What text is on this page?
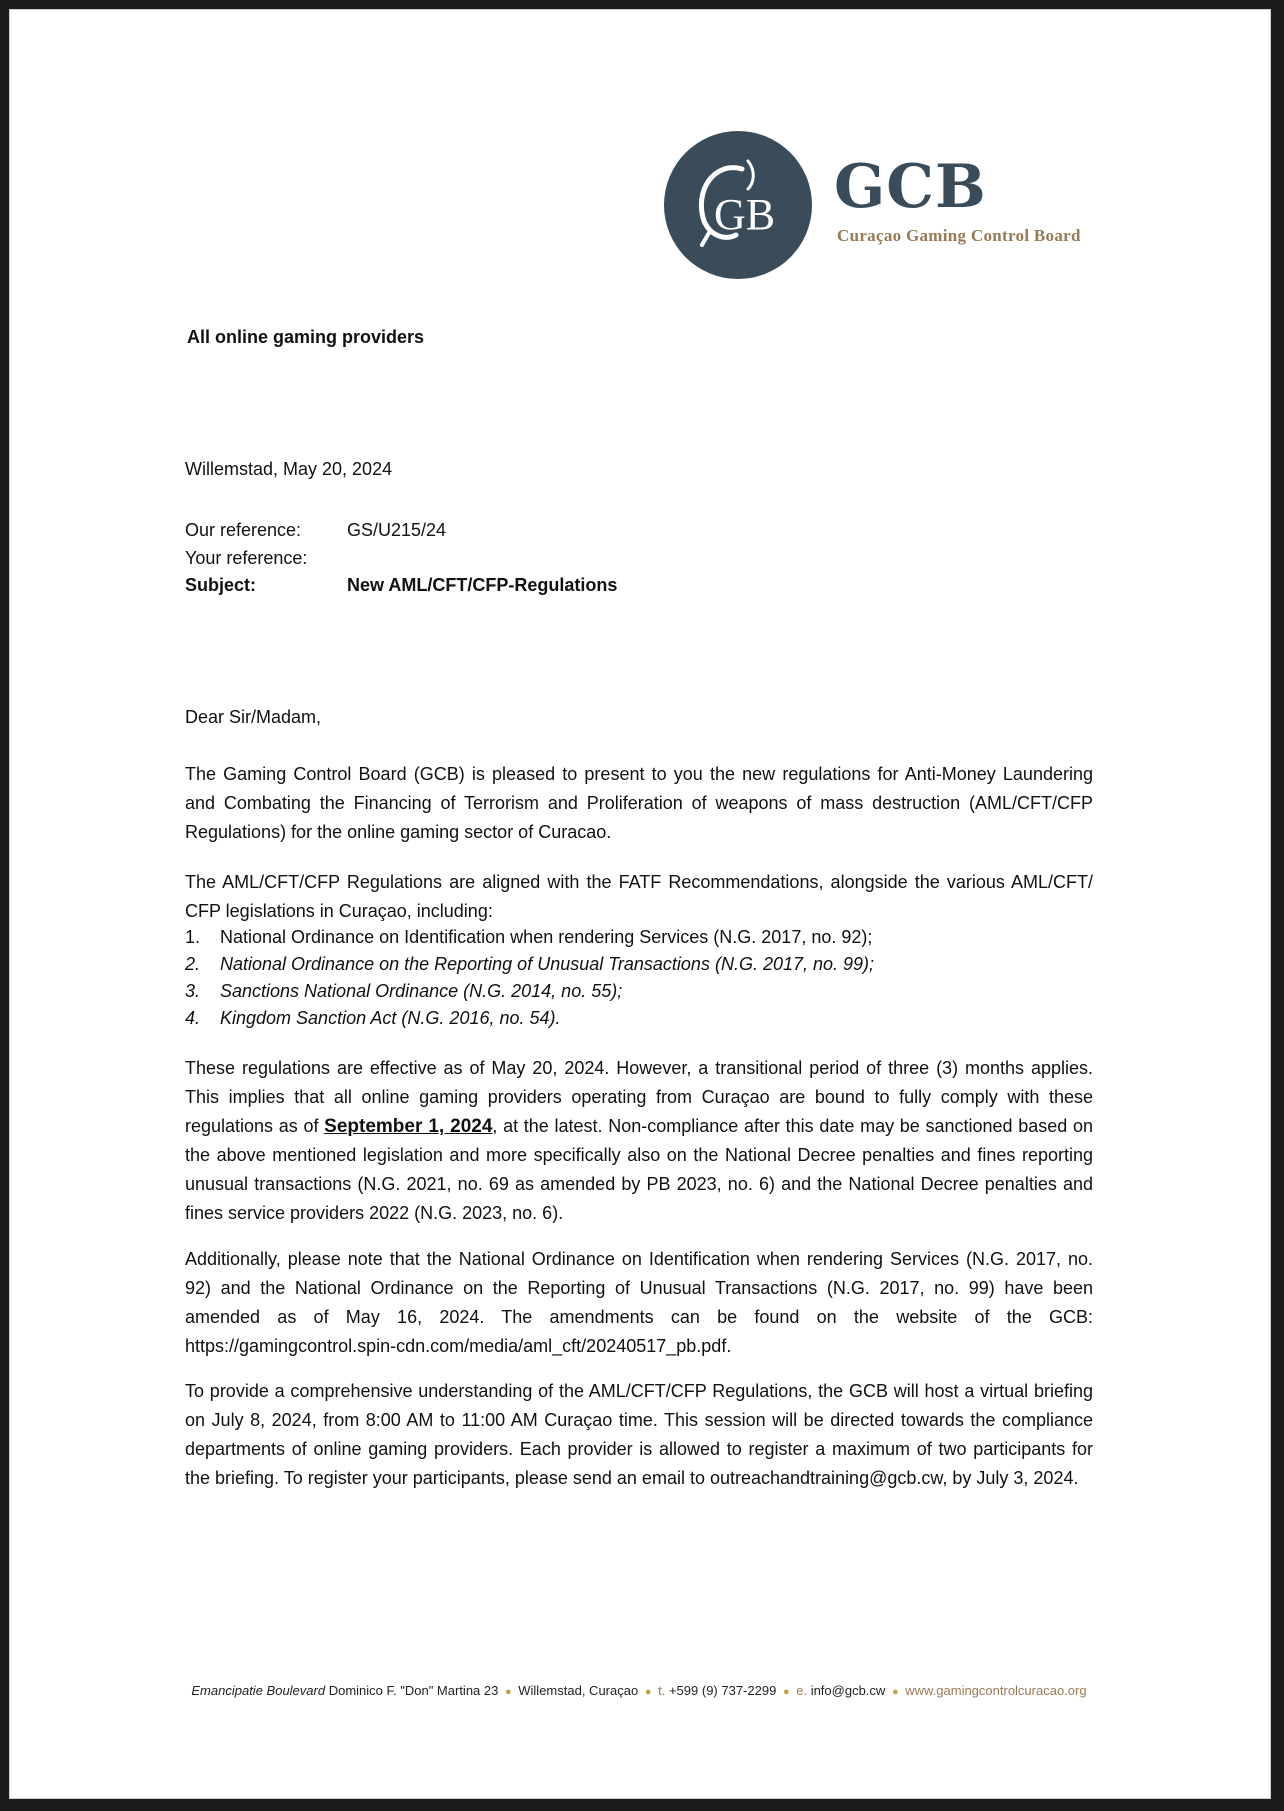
GB GCB
Curaçao Gaming Control Board
All online gaming providers
Willemstad, May 20, 2024
Our reference:	GS/U215/24
Your reference:
Subject:	New AML/CFT/CFP-Regulations
Dear Sir/Madam,
The Gaming Control Board (GCB) is pleased to present to you the new regulations for Anti-Money Laundering and Combating the Financing of Terrorism and Proliferation of weapons of mass destruction (AML/CFT/CFP Regulations) for the online gaming sector of Curacao.
The AML/CFT/CFP Regulations are aligned with the FATF Recommendations, alongside the various AML/CFT/ CFP legislations in Curaçao, including:
1. National Ordinance on Identification when rendering Services (N.G. 2017, no. 92);
2. National Ordinance on the Reporting of Unusual Transactions (N.G. 2017, no. 99);
3. Sanctions National Ordinance (N.G. 2014, no. 55);
4. Kingdom Sanction Act (N.G. 2016, no. 54).
These regulations are effective as of May 20, 2024. However, a transitional period of three (3) months applies. This implies that all online gaming providers operating from Curaçao are bound to fully comply with these regulations as of September 1, 2024, at the latest. Non-compliance after this date may be sanctioned based on the above mentioned legislation and more specifically also on the National Decree penalties and fines reporting unusual transactions (N.G. 2021, no. 69 as amended by PB 2023, no. 6) and the National Decree penalties and fines service providers 2022 (N.G. 2023, no. 6).
Additionally, please note that the National Ordinance on Identification when rendering Services (N.G. 2017, no. 92) and the National Ordinance on the Reporting of Unusual Transactions (N.G. 2017, no. 99) have been amended as of May 16, 2024. The amendments can be found on the website of the GCB: https://gamingcontrol.spin-cdn.com/media/aml_cft/20240517_pb.pdf.
To provide a comprehensive understanding of the AML/CFT/CFP Regulations, the GCB will host a virtual briefing on July 8, 2024, from 8:00 AM to 11:00 AM Curaçao time. This session will be directed towards the compliance departments of online gaming providers. Each provider is allowed to register a maximum of two participants for the briefing. To register your participants, please send an email to outreachandtraining@gcb.cw, by July 3, 2024.
Emancipatie Boulevard Dominico F. "Don" Martina 23 ● Willemstad, Curaçao ● t. +599 (9) 737-2299 ● e. info@gcb.cw ● www.gamingcontrolcuracao.org
